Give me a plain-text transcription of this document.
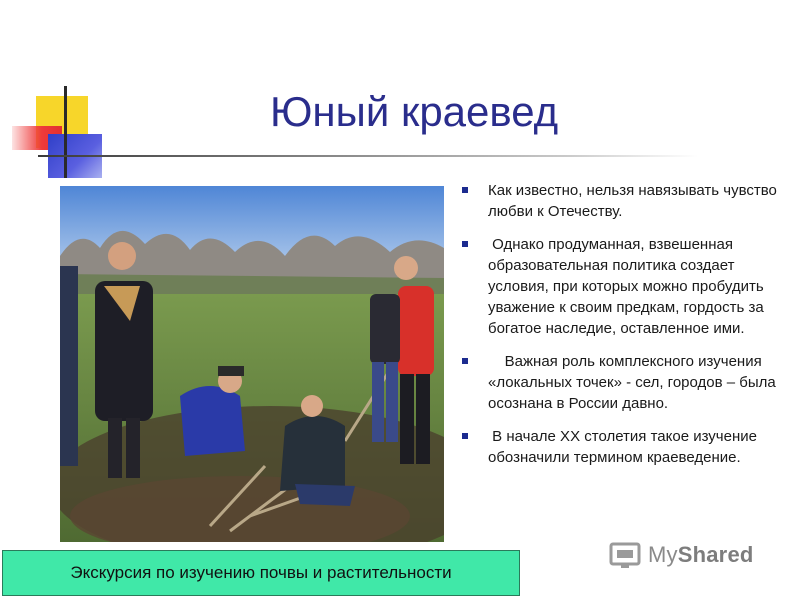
Юный краевед
Как известно, нельзя навязывать чувство любви к Отечеству.
Однако продуманная, взвешенная образовательная политика создает условия, при которых можно пробудить уважение к своим предкам, гордость за богатое наследие, оставленное ими.
Важная роль комплексного изучения «локальных точек» - сел, городов – была осознана в России давно.
В начале XX столетия такое изучение обозначили термином краеведение.
Экскурсия по изучению почвы и растительности
MyShared
